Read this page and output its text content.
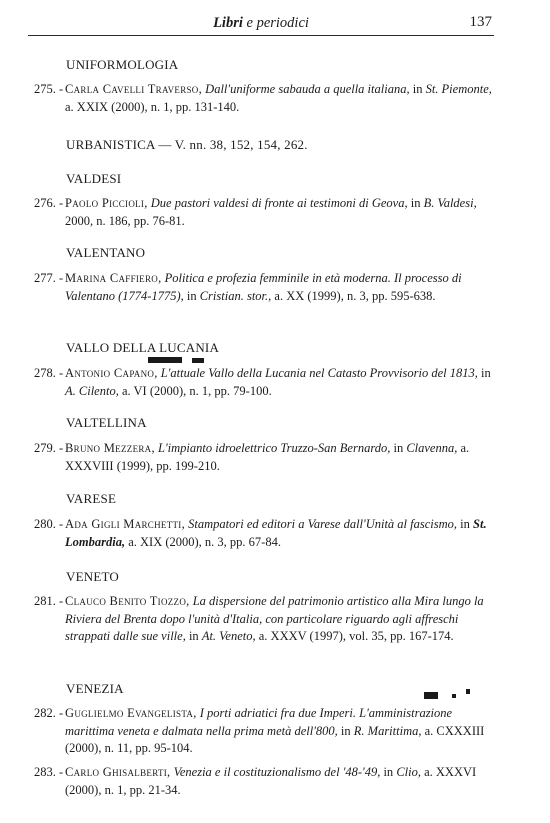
Libri e periodici	137
UNIFORMOLOGIA
275. - Carla Cavelli Traverso, Dall'uniforme sabauda a quella italiana, in St. Piemonte, a. XXIX (2000), n. 1, pp. 131-140.
URBANISTICA — V. nn. 38, 152, 154, 262.
VALDESI
276. - Paolo Piccioli, Due pastori valdesi di fronte ai testimoni di Geova, in B. Valdesi, 2000, n. 186, pp. 76-81.
VALENTANO
277. - Marina Caffiero, Politica e profezia femminile in età moderna. Il processo di Valentano (1774-1775), in Cristian. stor., a. XX (1999), n. 3, pp. 595-638.
VALLO DELLA LUCANIA
278. - Antonio Capano, L'attuale Vallo della Lucania nel Catasto Provvisorio del 1813, in A. Cilento, a. VI (2000), n. 1, pp. 79-100.
VALTELLINA
279. - Bruno Mezzera, L'impianto idroelettrico Truzzo-San Bernardo, in Clavenna, a. XXXVIII (1999), pp. 199-210.
VARESE
280. - Ada Gigli Marchetti, Stampatori ed editori a Varese dall'Unità al fascismo, in St. Lombardia, a. XIX (2000), n. 3, pp. 67-84.
VENETO
281. - Clauco Benito Tiozzo, La dispersione del patrimonio artistico alla Mira lungo la Riviera del Brenta dopo l'unità d'Italia, con particolare riguardo agli affreschi strappati dalle sue ville, in At. Veneto, a. XXXV (1997), vol. 35, pp. 167-174.
VENEZIA
282. - Guglielmo Evangelista, I porti adriatici fra due Imperi. L'amministrazione marittima veneta e dalmata nella prima metà dell'800, in R. Marittima, a. CXXXIII (2000), n. 11, pp. 95-104.
283. - Carlo Ghisalberti, Venezia e il costituzionalismo del '48-'49, in Clio, a. XXXVI (2000), n. 1, pp. 21-34.
